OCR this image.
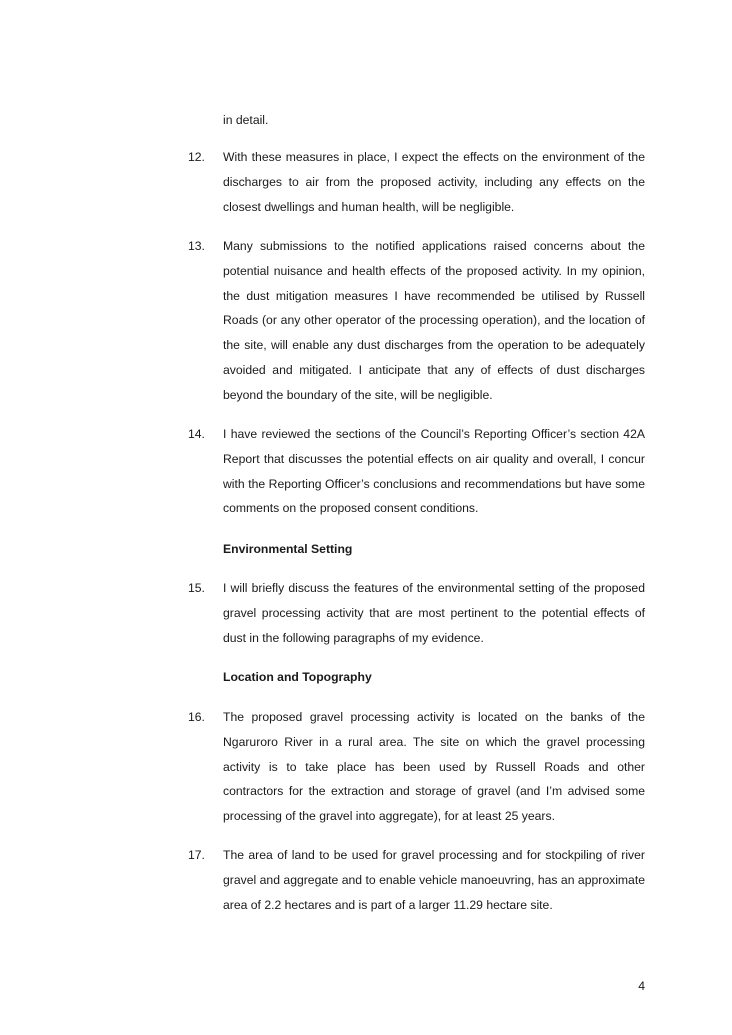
in detail.
12.	With these measures in place, I expect the effects on the environment of the discharges to air from the proposed activity, including any effects on the closest dwellings and human health, will be negligible.
13.	Many submissions to the notified applications raised concerns about the potential nuisance and health effects of the proposed activity. In my opinion, the dust mitigation measures I have recommended be utilised by Russell Roads (or any other operator of the processing operation), and the location of the site, will enable any dust discharges from the operation to be adequately avoided and mitigated. I anticipate that any of effects of dust discharges beyond the boundary of the site, will be negligible.
14.	I have reviewed the sections of the Council’s Reporting Officer’s section 42A Report that discusses the potential effects on air quality and overall, I concur with the Reporting Officer’s conclusions and recommendations but have some comments on the proposed consent conditions.
Environmental Setting
15.	I will briefly discuss the features of the environmental setting of the proposed gravel processing activity that are most pertinent to the potential effects of dust in the following paragraphs of my evidence.
Location and Topography
16.	The proposed gravel processing activity is located on the banks of the Ngaruroro River in a rural area. The site on which the gravel processing activity is to take place has been used by Russell Roads and other contractors for the extraction and storage of gravel (and I’m advised some processing of the gravel into aggregate), for at least 25 years.
17.	The area of land to be used for gravel processing and for stockpiling of river gravel and aggregate and to enable vehicle manoeuvring, has an approximate area of 2.2 hectares and is part of a larger 11.29 hectare site.
4
